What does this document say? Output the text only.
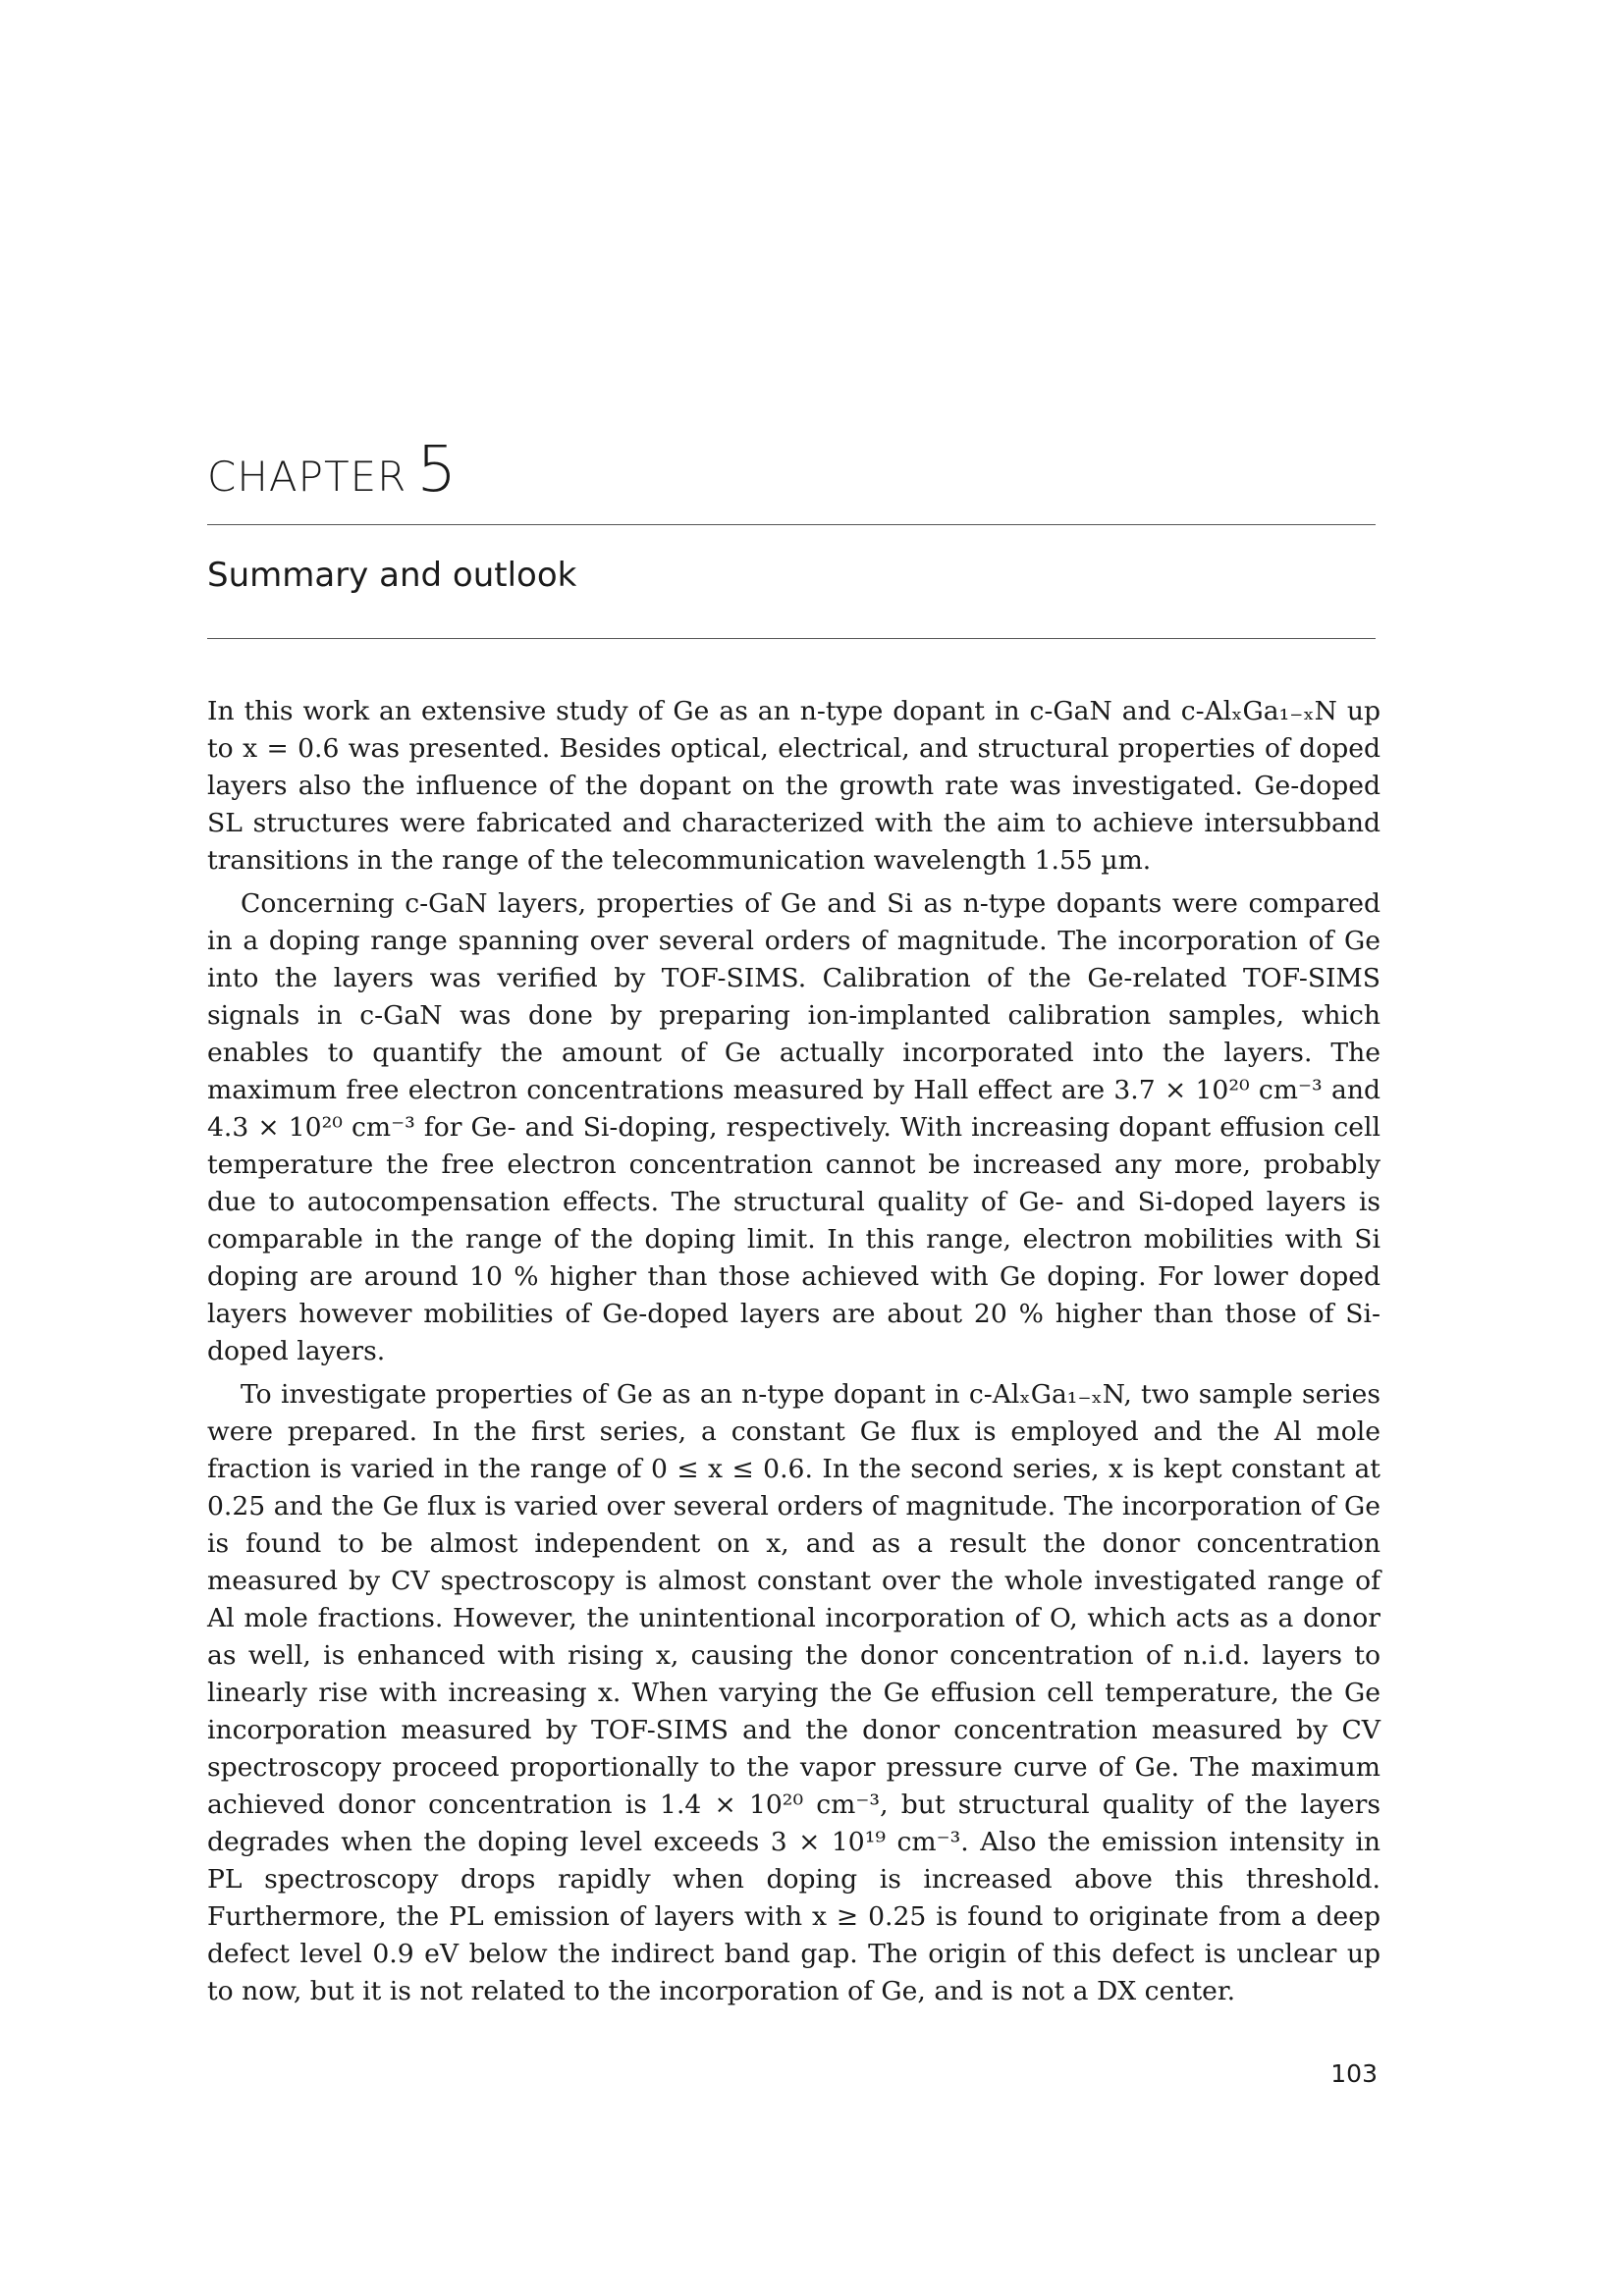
CHAPTER 5
Summary and outlook

In this work an extensive study of Ge as an n-type dopant in c-GaN and c-AlₓGa₁₋ₓN up to x = 0.6 was presented. Besides optical, electrical, and structural properties of doped layers also the influence of the dopant on the growth rate was investigated. Ge-doped SL structures were fabricated and characterized with the aim to achieve intersubband transitions in the range of the telecommunication wavelength 1.55 µm.

Concerning c-GaN layers, properties of Ge and Si as n-type dopants were compared in a doping range spanning over several orders of magnitude. The incorporation of Ge into the layers was verified by TOF-SIMS. Calibration of the Ge-related TOF-SIMS signals in c-GaN was done by preparing ion-implanted calibration samples, which enables to quantify the amount of Ge actually incorporated into the layers. The maximum free electron concentrations measured by Hall effect are 3.7 × 10²⁰ cm⁻³ and 4.3 × 10²⁰ cm⁻³ for Ge- and Si-doping, respectively. With increasing dopant effusion cell temperature the free electron concentration cannot be increased any more, probably due to autocompensation effects. The structural quality of Ge- and Si-doped layers is comparable in the range of the doping limit. In this range, electron mobilities with Si doping are around 10 % higher than those achieved with Ge doping. For lower doped layers however mobilities of Ge-doped layers are about 20 % higher than those of Si-doped layers.

To investigate properties of Ge as an n-type dopant in c-AlₓGa₁₋ₓN, two sample series were prepared. In the first series, a constant Ge flux is employed and the Al mole fraction is varied in the range of 0 ≤ x ≤ 0.6. In the second series, x is kept constant at 0.25 and the Ge flux is varied over several orders of magnitude. The incorporation of Ge is found to be almost independent on x, and as a result the donor concentration measured by CV spectroscopy is almost constant over the whole investigated range of Al mole fractions. However, the unintentional incorporation of O, which acts as a donor as well, is enhanced with rising x, causing the donor concentration of n.i.d. layers to linearly rise with increasing x. When varying the Ge effusion cell temperature, the Ge incorporation measured by TOF-SIMS and the donor concentration measured by CV spectroscopy proceed proportionally to the vapor pressure curve of Ge. The maximum achieved donor concentration is 1.4 × 10²⁰ cm⁻³, but structural quality of the layers degrades when the doping level exceeds 3 × 10¹⁹ cm⁻³. Also the emission intensity in PL spectroscopy drops rapidly when doping is increased above this threshold. Furthermore, the PL emission of layers with x ≥ 0.25 is found to originate from a deep defect level 0.9 eV below the indirect band gap. The origin of this defect is unclear up to now, but it is not related to the incorporation of Ge, and is not a DX center.

103
